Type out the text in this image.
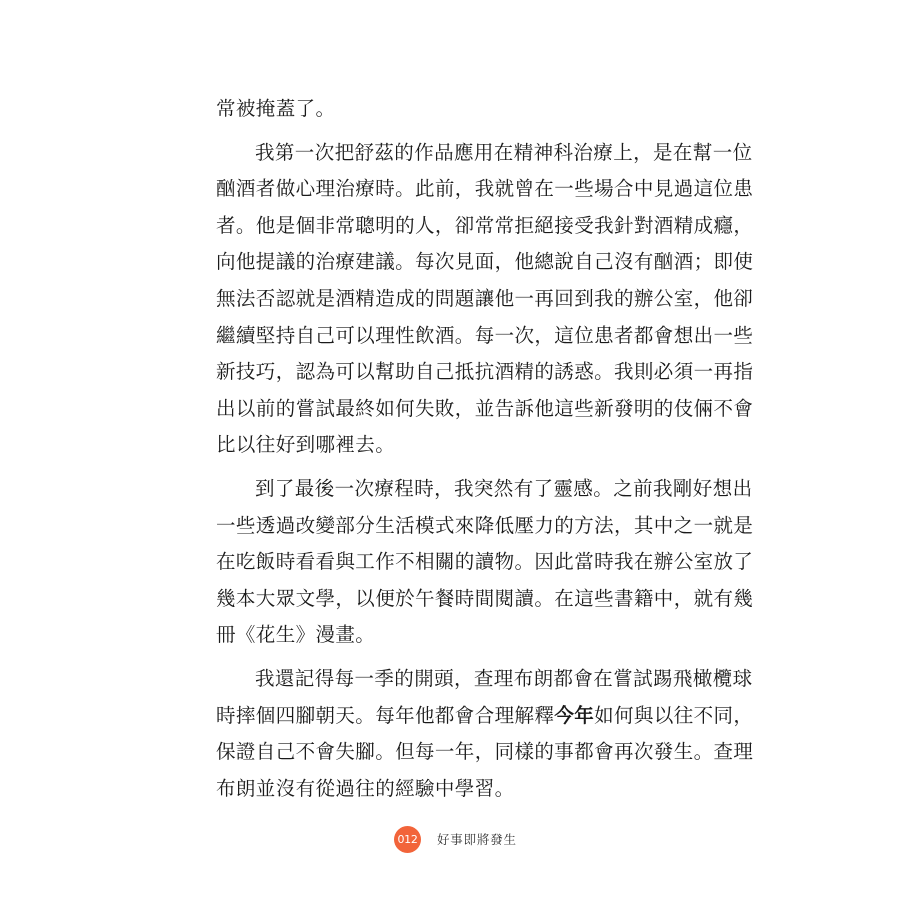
常被掩蓋了。
我第一次把舒茲的作品應用在精神科治療上，是在幫一位
酗酒者做心理治療時。此前，我就曾在一些場合中見過這位患
者。他是個非常聰明的人，卻常常拒絕接受我針對酒精成癮，
向他提議的治療建議。每次見面，他總說自己沒有酗酒；即使
無法否認就是酒精造成的問題讓他一再回到我的辦公室，他卻
繼續堅持自己可以理性飲酒。每一次，這位患者都會想出一些
新技巧，認為可以幫助自己抵抗酒精的誘惑。我則必須一再指
出以前的嘗試最終如何失敗，並告訴他這些新發明的伎倆不會
比以往好到哪裡去。
到了最後一次療程時，我突然有了靈感。之前我剛好想出
一些透過改變部分生活模式來降低壓力的方法，其中之一就是
在吃飯時看看與工作不相關的讀物。因此當時我在辦公室放了
幾本大眾文學，以便於午餐時間閱讀。在這些書籍中，就有幾
冊《花生》漫畫。
我還記得每一季的開頭，查理布朗都會在嘗試踢飛橄欖球
時摔個四腳朝天。每年他都會合理解釋今年如何與以往不同，
保證自己不會失腳。但每一年，同樣的事都會再次發生。查理
布朗並沒有從過往的經驗中學習。
012 好事即將發生
